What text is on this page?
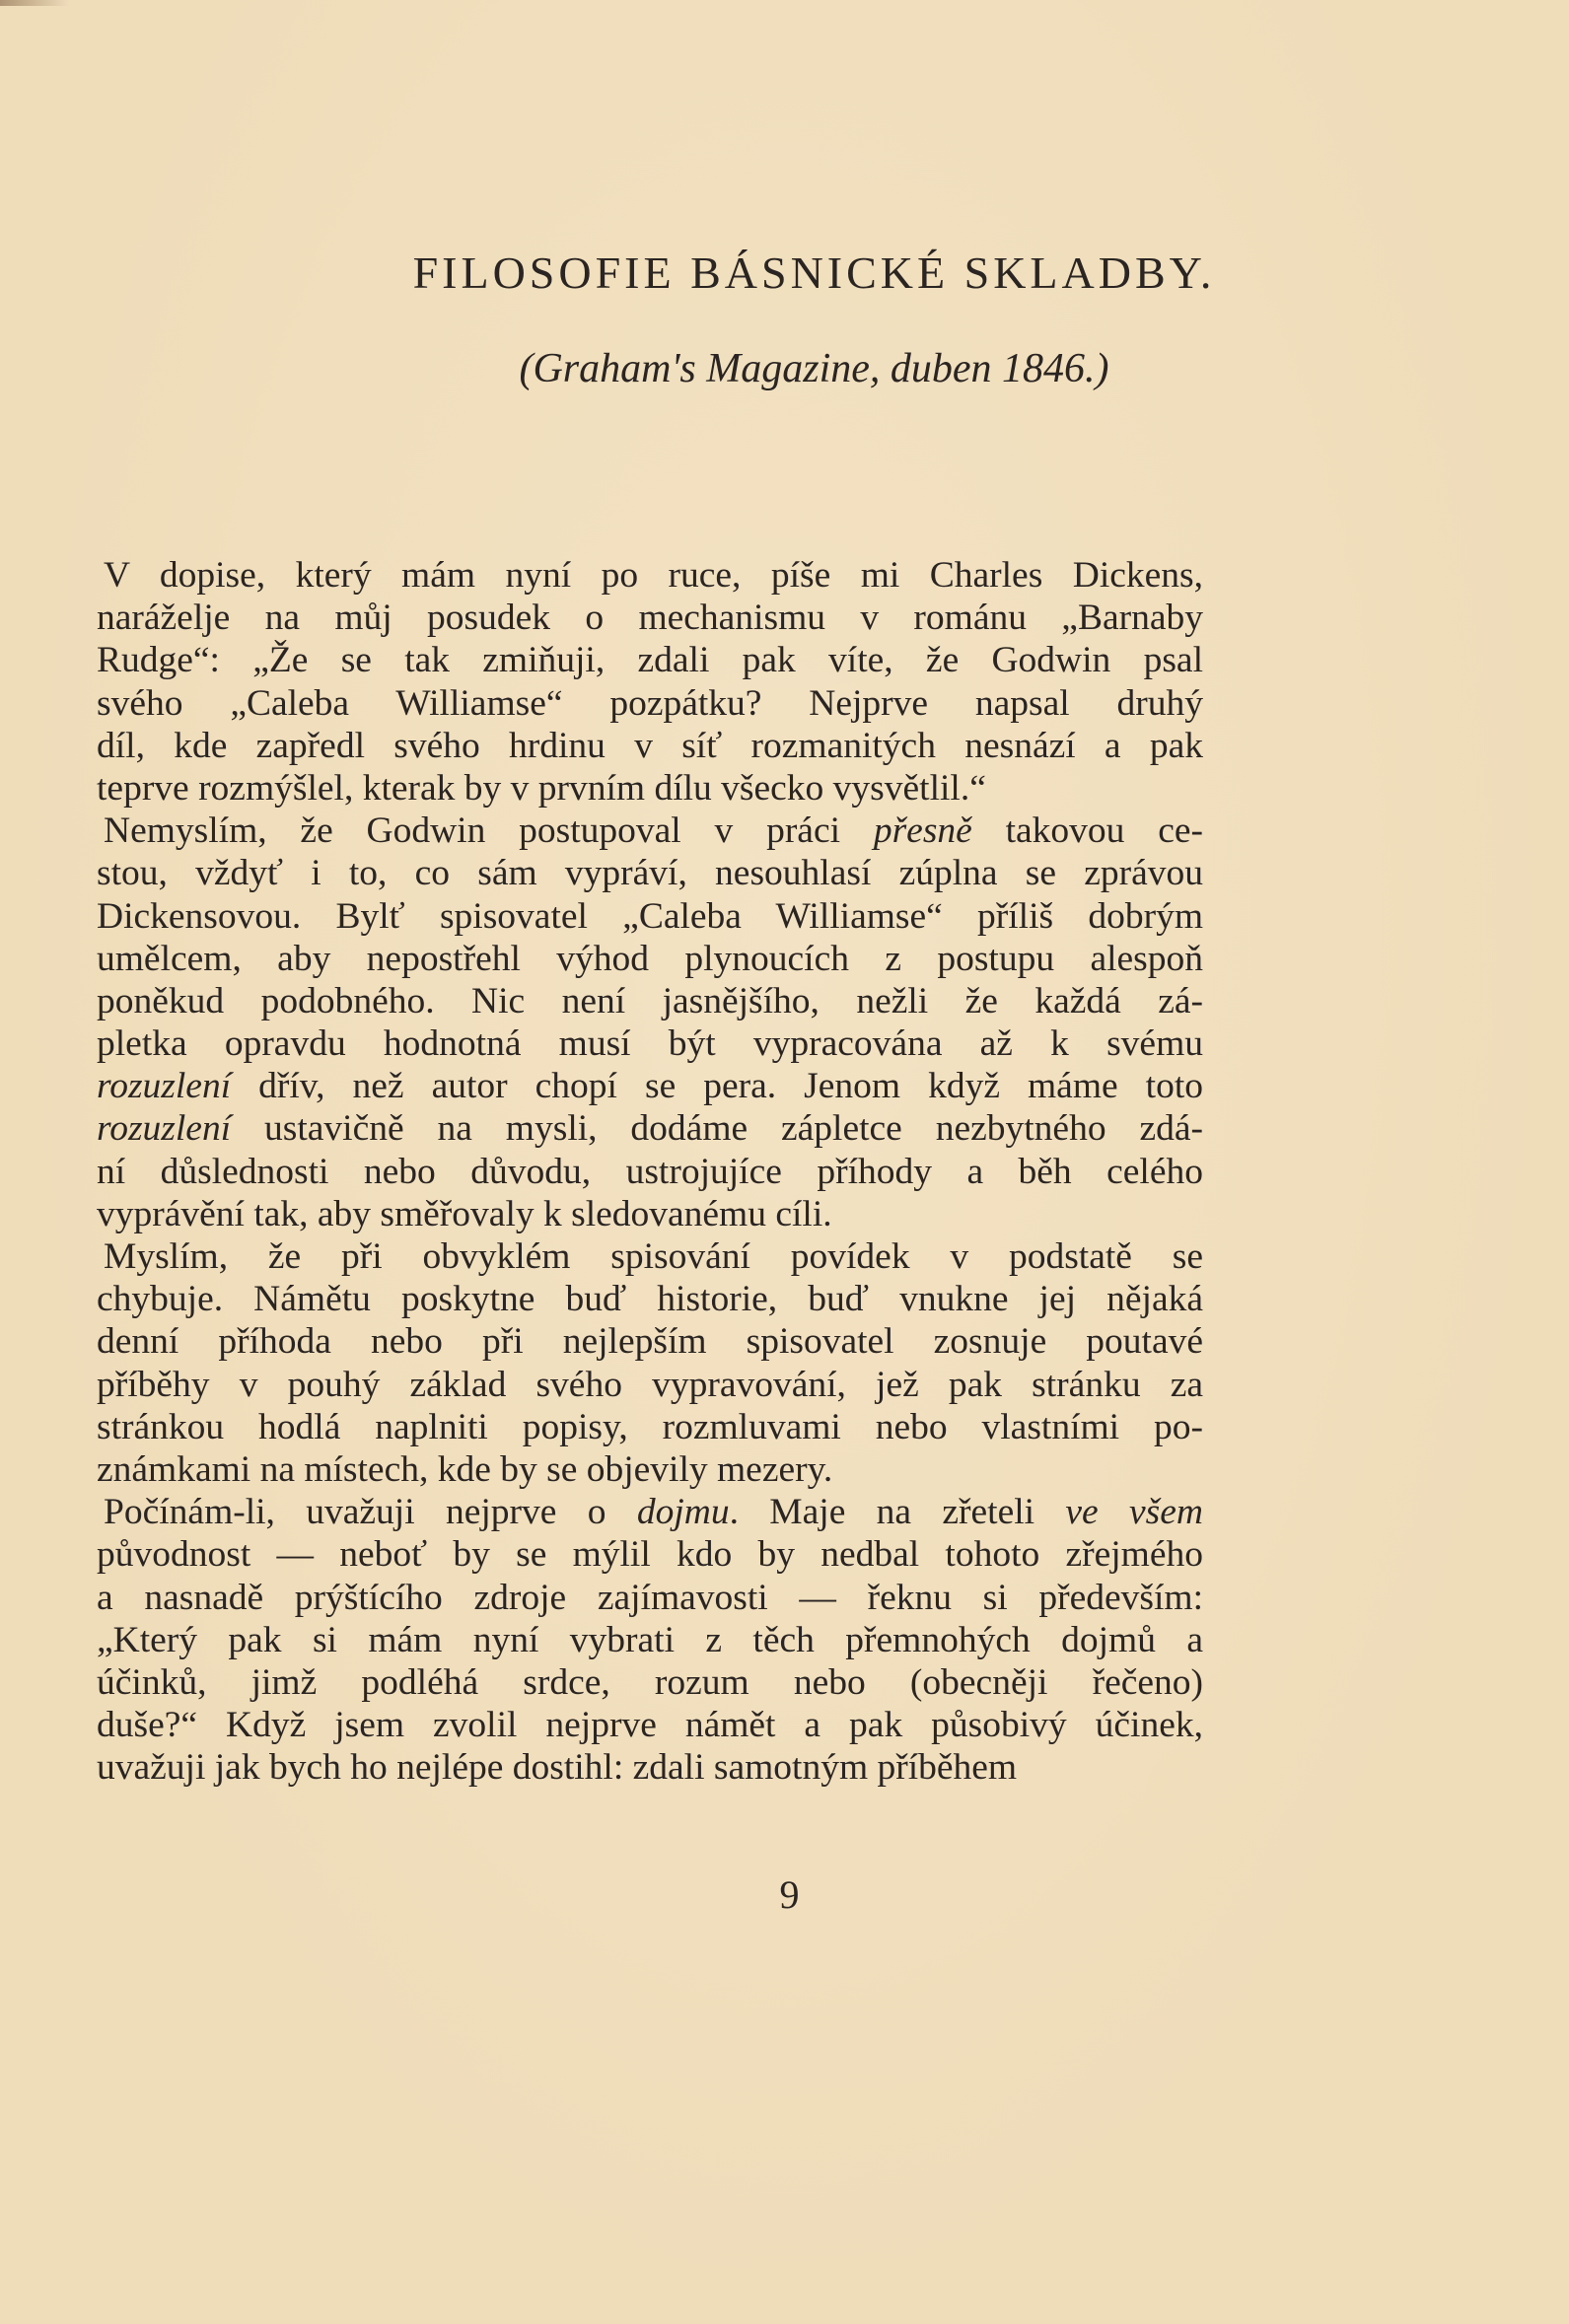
FILOSOFIE BÁSNICKÉ SKLADBY.
(Graham's Magazine, duben 1846.)
V dopise, který mám nyní po ruce, píše mi Charles Dickens,
naráželje na můj posudek o mechanismu v románu „Barnaby
Rudge“: „Že se tak zmiňuji, zdali pak víte, že Godwin psal
svého „Caleba Williamse“ pozpátku? Nejprve napsal druhý
díl, kde zapředl svého hrdinu v síť rozmanitých nesnází a pak
teprve rozmýšlel, kterak by v prvním dílu všecko vysvětlil.“
Nemyslím, že Godwin postupoval v práci přesně takovou ce-
stou, vždyť i to, co sám vypráví, nesouhlasí zúplna se zprávou
Dickensovou. Bylť spisovatel „Caleba Williamse“ příliš dobrým
umělcem, aby nepostřehl výhod plynoucích z postupu alespoň
poněkud podobného. Nic není jasnějšího, nežli že každá zá-
pletka opravdu hodnotná musí být vypracována až k svému
rozuzlení dřív, než autor chopí se pera. Jenom když máme toto
rozuzlení ustavičně na mysli, dodáme zápletce nezbytného zdá-
ní důslednosti nebo důvodu, ustrojujíce příhody a běh celého
vyprávění tak, aby směřovaly k sledovanému cíli.
Myslím, že při obvyklém spisování povídek v podstatě se
chybuje. Námětu poskytne buď historie, buď vnukne jej nějaká
denní příhoda nebo při nejlepším spisovatel zosnuje poutavé
příběhy v pouhý základ svého vypravování, jež pak stránku za
stránkou hodlá naplniti popisy, rozmluvami nebo vlastními po-
známkami na místech, kde by se objevily mezery.
Počínám-li, uvažuji nejprve o dojmu. Maje na zřeteli ve všem
původnost — neboť by se mýlil kdo by nedbal tohoto zřejmého
a nasnadě prýštícího zdroje zajímavosti — řeknu si především:
„Který pak si mám nyní vybrati z těch přemnohých dojmů a
účinků, jimž podléhá srdce, rozum nebo (obecněji řečeno)
duše?“ Když jsem zvolil nejprve námět a pak působivý účinek,
uvažuji jak bych ho nejlépe dostihl: zdali samotným příběhem
9
